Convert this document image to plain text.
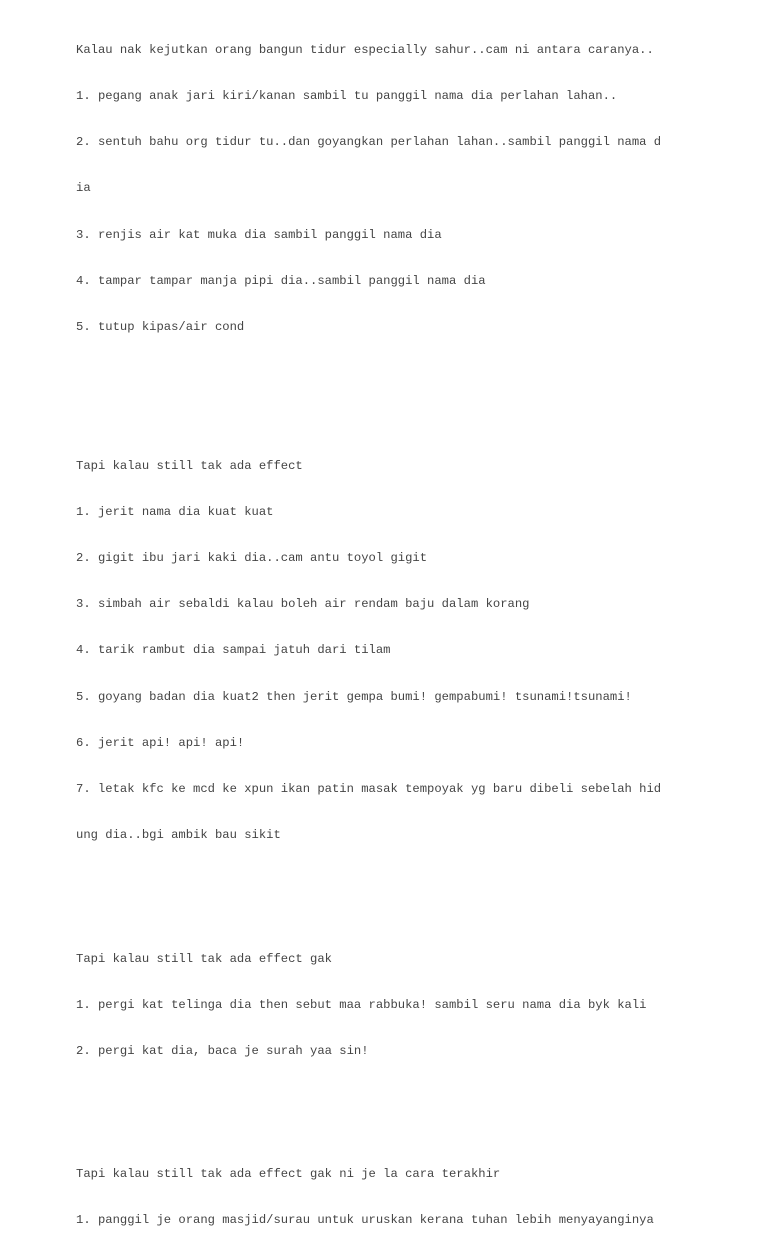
Kalau nak kejutkan orang bangun tidur especially sahur..cam ni antara caranya..

1. pegang anak jari kiri/kanan sambil tu panggil nama dia perlahan lahan..

2. sentuh bahu org tidur tu..dan goyangkan perlahan lahan..sambil panggil nama d

ia

3. renjis air kat muka dia sambil panggil nama dia

4. tampar tampar manja pipi dia..sambil panggil nama dia

5. tutup kipas/air cond

Tapi kalau still tak ada effect

1. jerit nama dia kuat kuat

2. gigit ibu jari kaki dia..cam antu toyol gigit

3. simbah air sebaldi kalau boleh air rendam baju dalam korang

4. tarik rambut dia sampai jatuh dari tilam

5. goyang badan dia kuat2 then jerit gempa bumi! gempabumi! tsunami!tsunami!

6. jerit api! api! api!

7. letak kfc ke mcd ke xpun ikan patin masak tempoyak yg baru dibeli sebelah hid

ung dia..bgi ambik bau sikit

Tapi kalau still tak ada effect gak

1. pergi kat telinga dia then sebut maa rabbuka! sambil seru nama dia byk kali

2. pergi kat dia, baca je surah yaa sin!

Tapi kalau still tak ada effect gak ni je la cara terakhir

1. panggil je orang masjid/surau untuk uruskan kerana tuhan lebih menyayanginya
